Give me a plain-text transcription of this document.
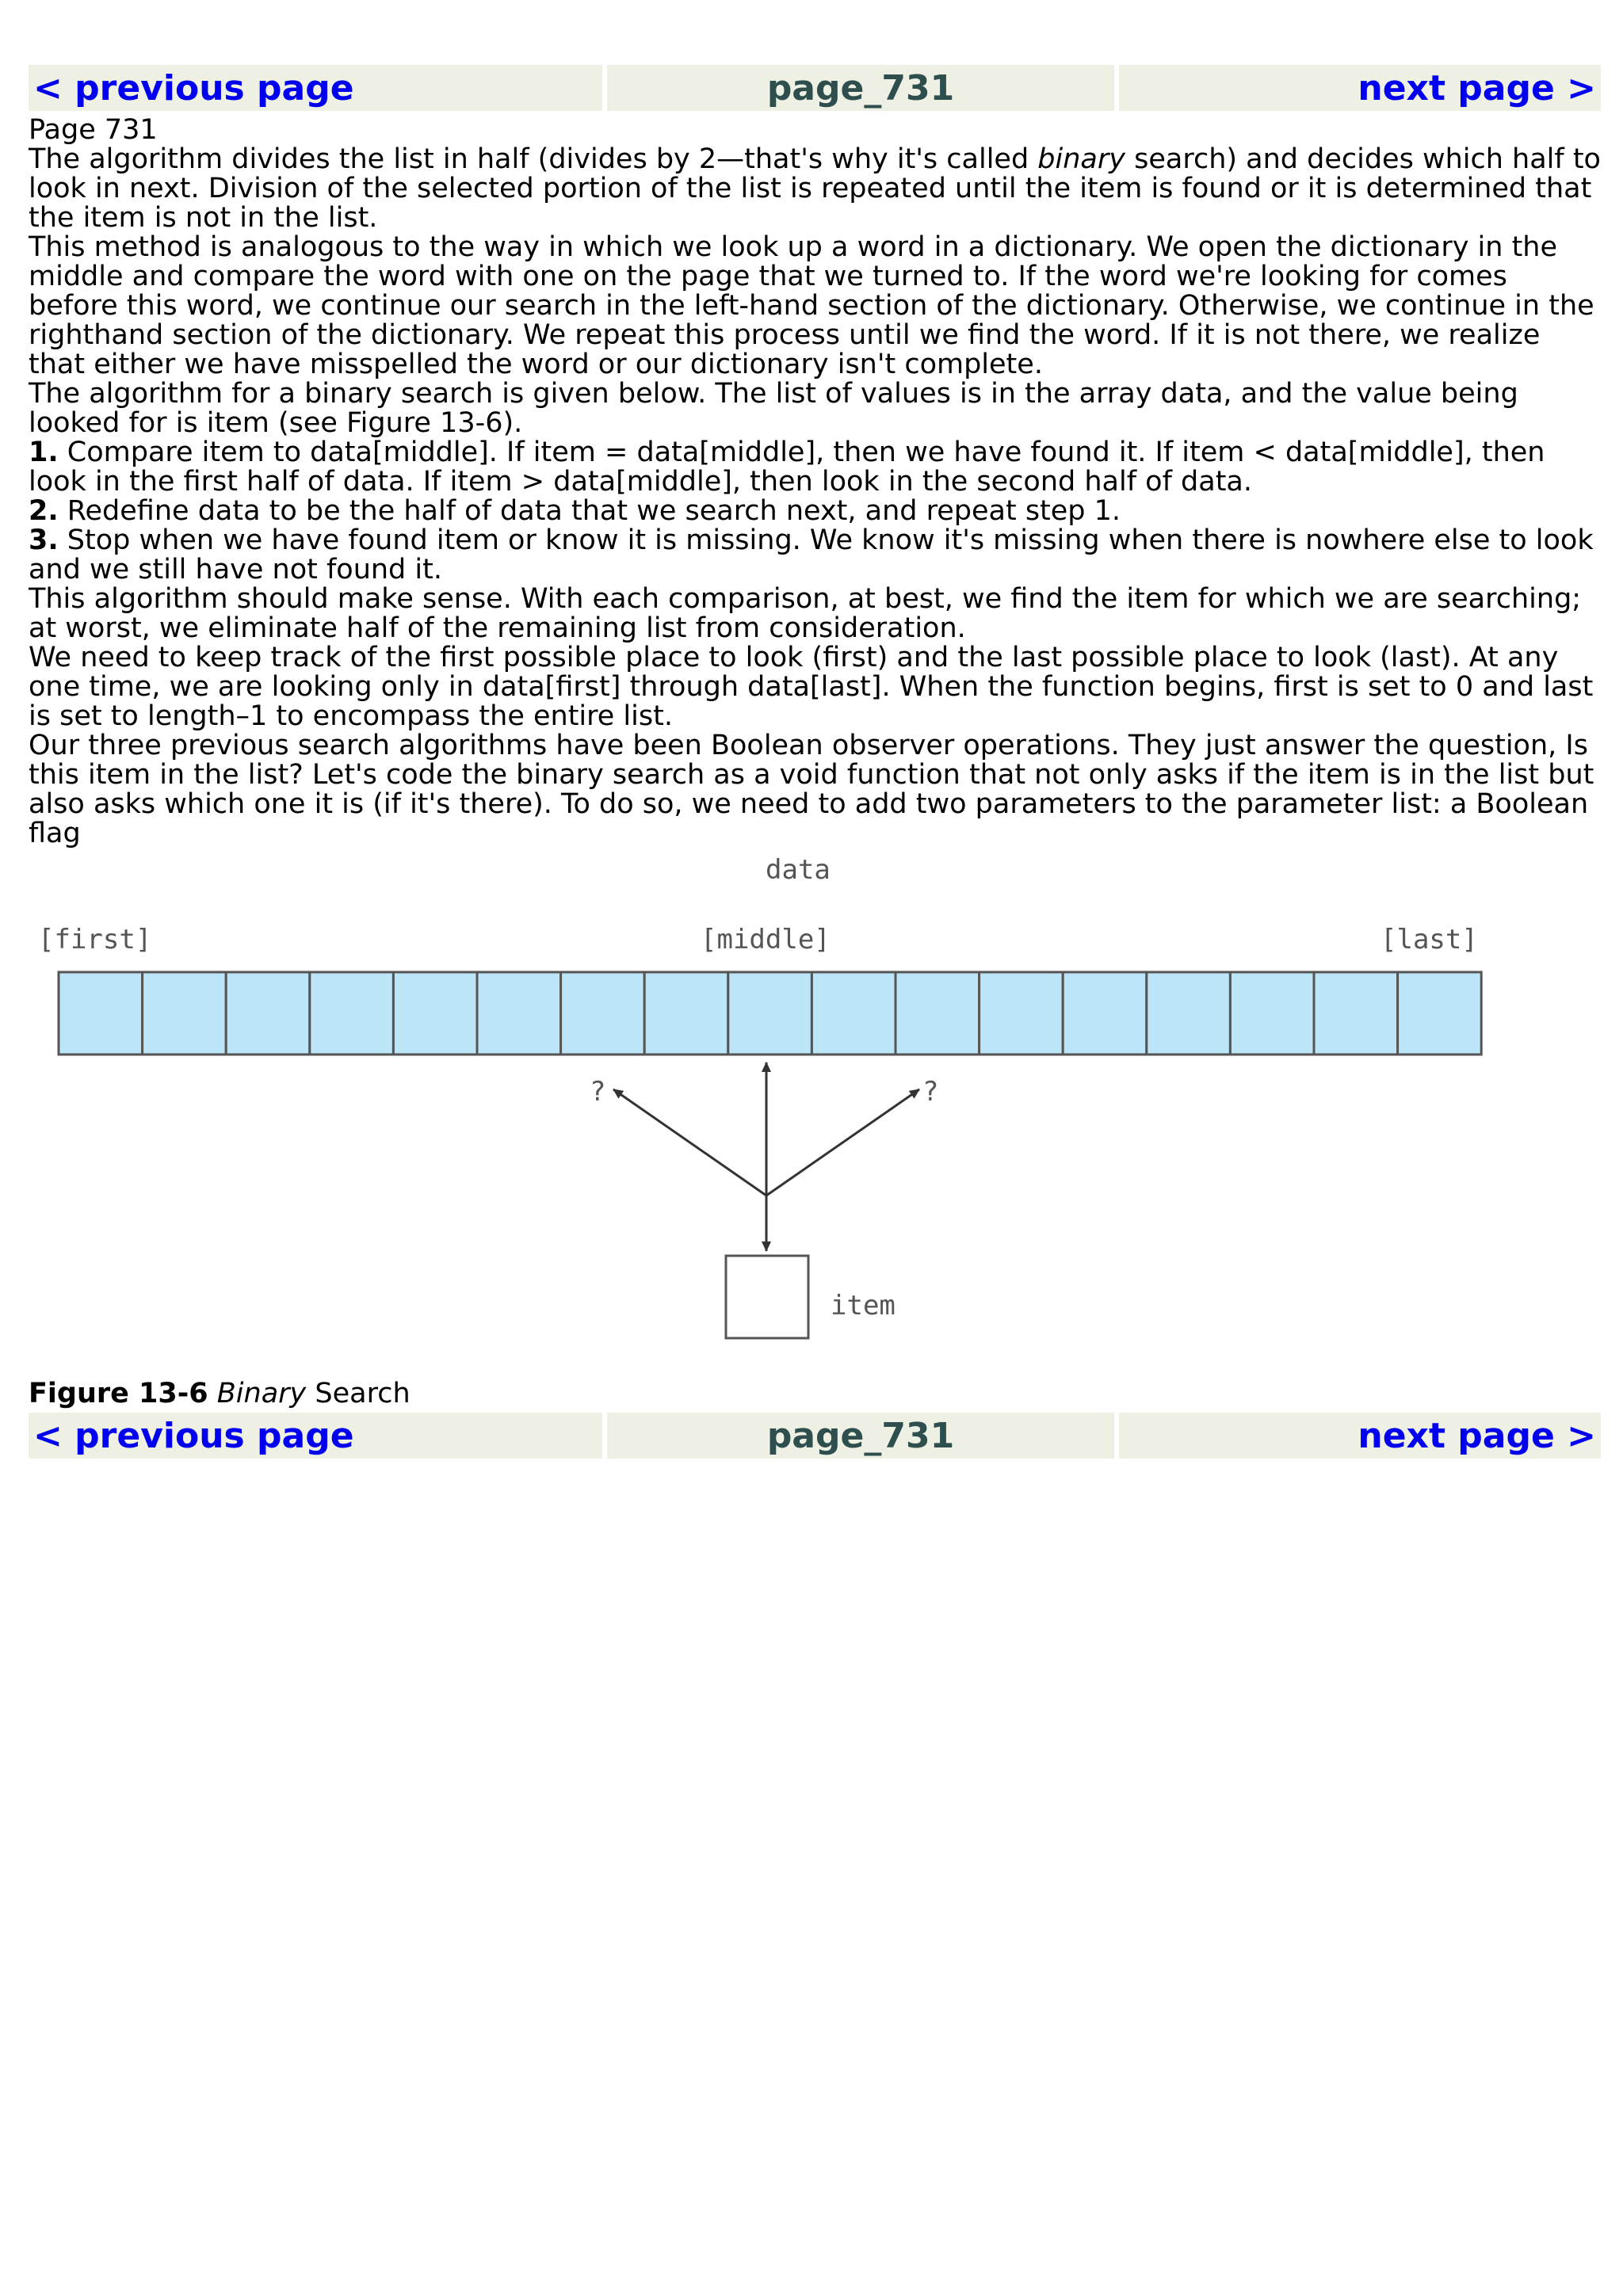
< previous page	page_731	next page >

Page 731

The algorithm divides the list in half (divides by 2—that's why it's called binary search) and decides which half to look in next. Division of the selected portion of the list is repeated until the item is found or it is determined that the item is not in the list.

This method is analogous to the way in which we look up a word in a dictionary. We open the dictionary in the middle and compare the word with one on the page that we turned to. If the word we're looking for comes before this word, we continue our search in the left-hand section of the dictionary. Otherwise, we continue in the righthand section of the dictionary. We repeat this process until we find the word. If it is not there, we realize that either we have misspelled the word or our dictionary isn't complete.

The algorithm for a binary search is given below. The list of values is in the array data, and the value being looked for is item (see Figure 13-6).

1. Compare item to data[middle]. If item = data[middle], then we have found it. If item < data[middle], then look in the first half of data. If item > data[middle], then look in the second half of data.

2. Redefine data to be the half of data that we search next, and repeat step 1.

3. Stop when we have found item or know it is missing. We know it's missing when there is nowhere else to look and we still have not found it.

This algorithm should make sense. With each comparison, at best, we find the item for which we are searching; at worst, we eliminate half of the remaining list from consideration.

We need to keep track of the first possible place to look (first) and the last possible place to look (last). At any one time, we are looking only in data[first] through data[last]. When the function begins, first is set to 0 and last is set to length–1 to encompass the entire list.

Our three previous search algorithms have been Boolean observer operations. They just answer the question, Is this item in the list? Let's code the binary search as a void function that not only asks if the item is in the list but also asks which one it is (if it's there). To do so, we need to add two parameters to the parameter list: a Boolean flag

data
[first]	[middle]	[last]
?	?
item
Figure 13-6 Binary Search
< previous page	page_731	next page >
